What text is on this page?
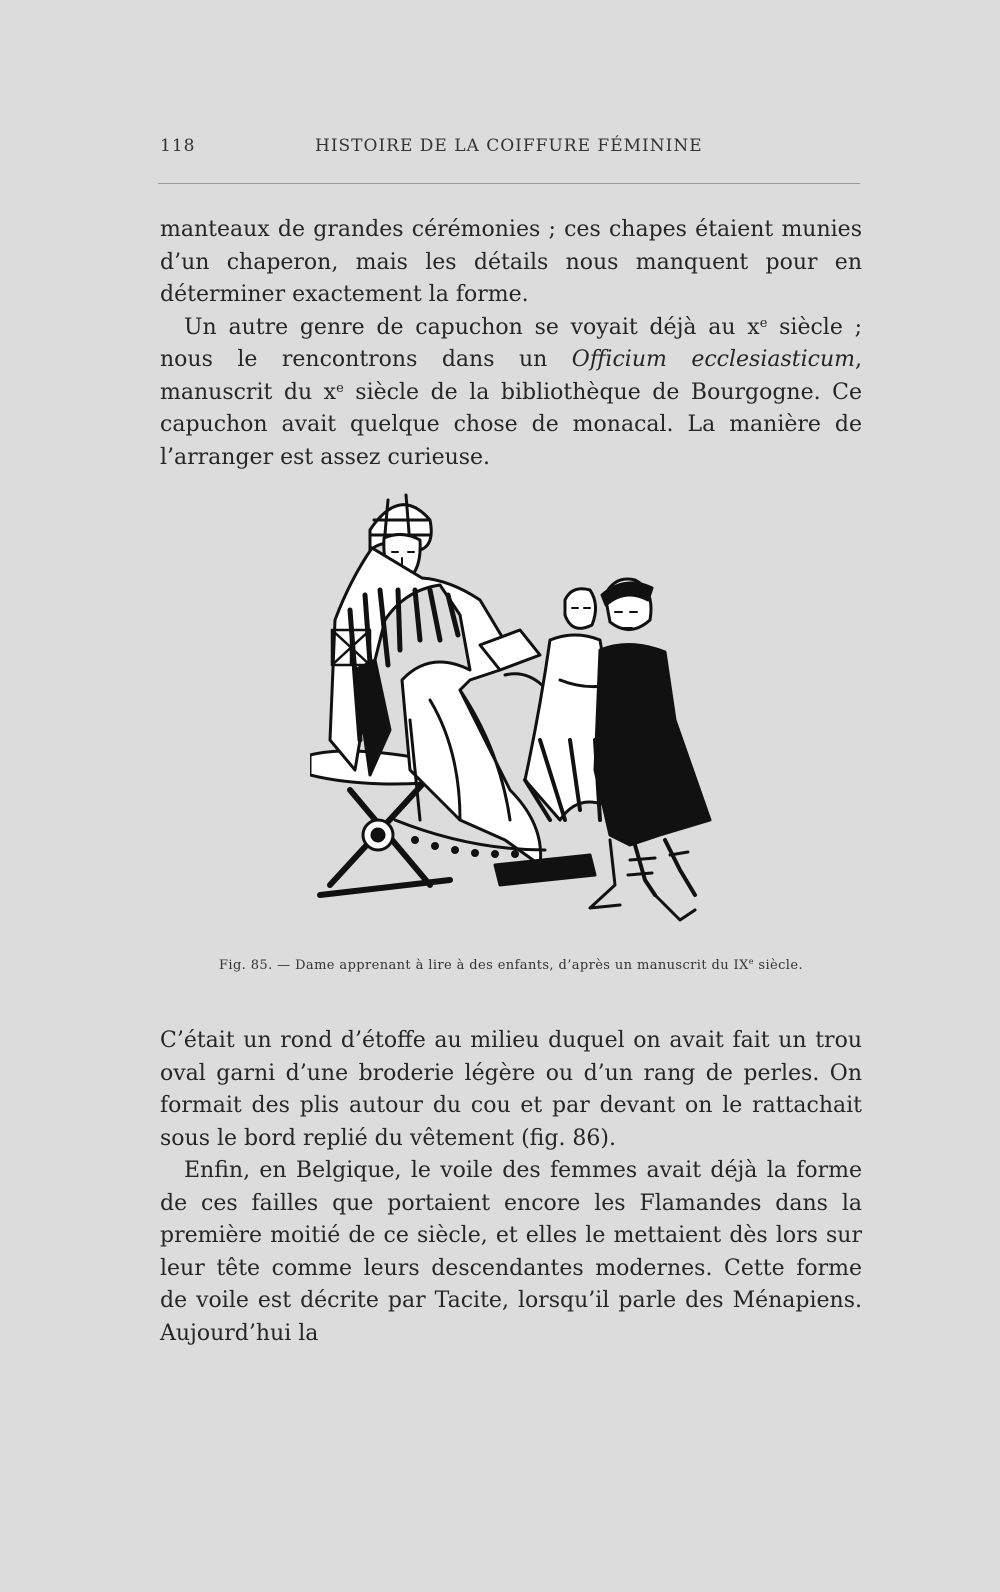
118	HISTOIRE DE LA COIFFURE FÉMININE

manteaux de grandes cérémonies ; ces chapes étaient munies d’un chaperon, mais les détails nous manquent pour en déterminer exactement la forme.

Un autre genre de capuchon se voyait déjà au $x^e$ siècle ; nous le rencontrons dans un Officium ecclesiasticum, manuscrit du $x^e$ siècle de la bibliothèque de Bourgogne. Ce capuchon avait quelque chose de monacal. La manière de l’arranger est assez curieuse.

Fig. 85. — Dame apprenant à lire à des enfants, d’après un manuscrit du IXe siècle.

C’était un rond d’étoffe au milieu duquel on avait fait un trou oval garni d’une broderie légère ou d’un rang de perles. On formait des plis autour du cou et par devant on le rattachait sous le bord replié du vêtement (fig. 86).

Enfin, en Belgique, le voile des femmes avait déjà la forme de ces failles que portaient encore les Flamandes dans la première moitié de ce siècle, et elles le mettaient dès lors sur leur tête comme leurs descendantes modernes. Cette forme de voile est décrite par Tacite, lorsqu’il parle des Ménapiens. Aujourd’hui la
